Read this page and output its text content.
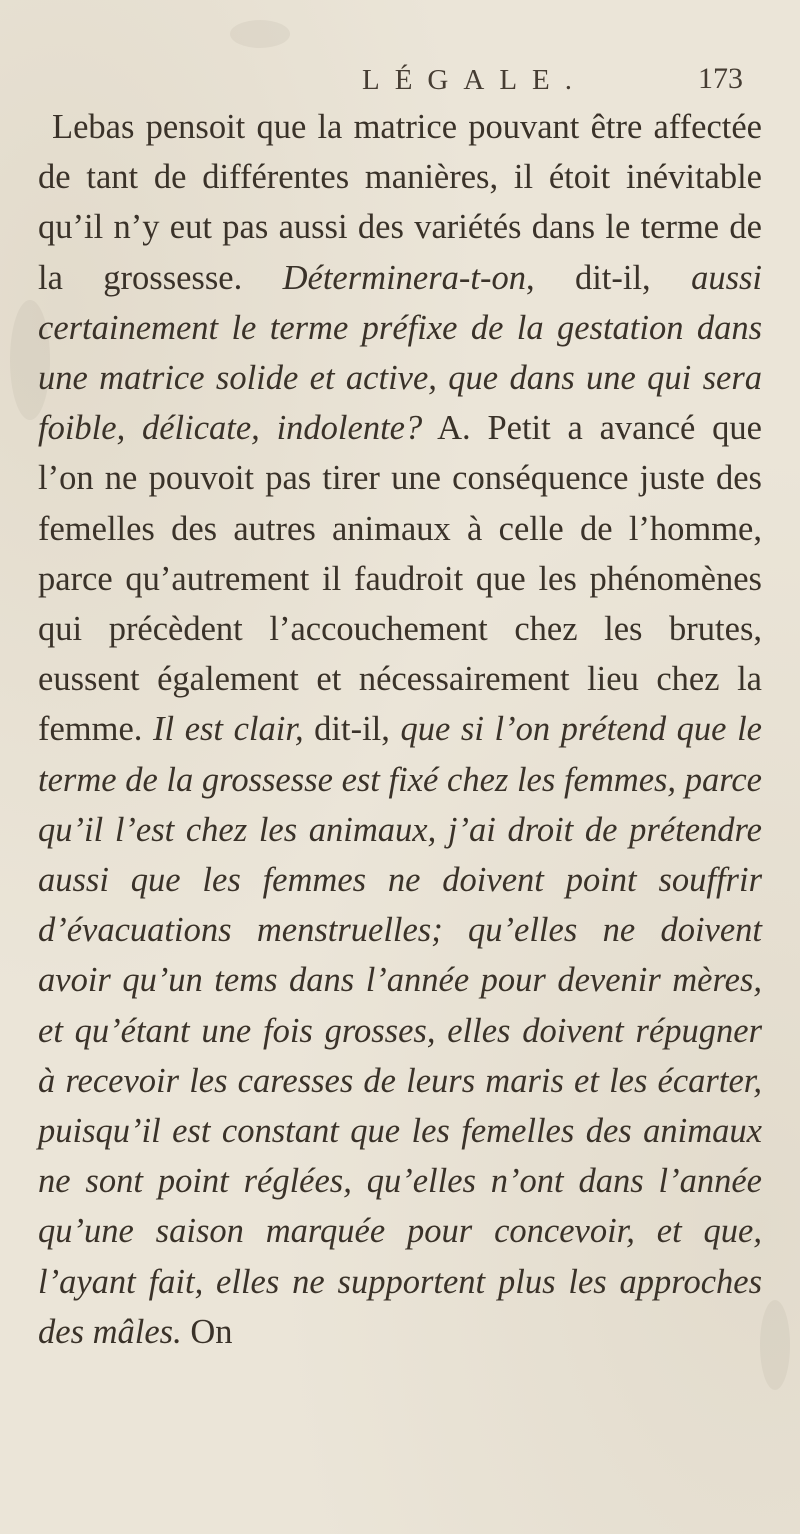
LÉGALE.	173

Lebas pensoit que la matrice pouvant être affectée de tant de différentes manières, il étoit inévitable qu’il n’y eut pas aussi des variétés dans le terme de la grossesse. Déterminera-t-on, dit-il, aussi certainement le terme préfixe de la gestation dans une matrice solide et active, que dans une qui sera foible, délicate, indolente? A. Petit a avancé que l’on ne pouvoit pas tirer une conséquence juste des femelles des autres animaux à celle de l’homme, parce qu’autrement il faudroit que les phénomènes qui précèdent l’accouchement chez les brutes, eussent également et nécessairement lieu chez la femme. Il est clair, dit-il, que si l’on prétend que le terme de la grossesse est fixé chez les femmes, parce qu’il l’est chez les animaux, j’ai droit de prétendre aussi que les femmes ne doivent point souffrir d’évacuations menstruelles; qu’elles ne doivent avoir qu’un tems dans l’année pour devenir mères, et qu’étant une fois grosses, elles doivent répugner à recevoir les caresses de leurs maris et les écarter, puisqu’il est constant que les femelles des animaux ne sont point réglées, qu’elles n’ont dans l’année qu’une saison marquée pour concevoir, et que, l’ayant fait, elles ne supportent plus les approches des mâles. On
